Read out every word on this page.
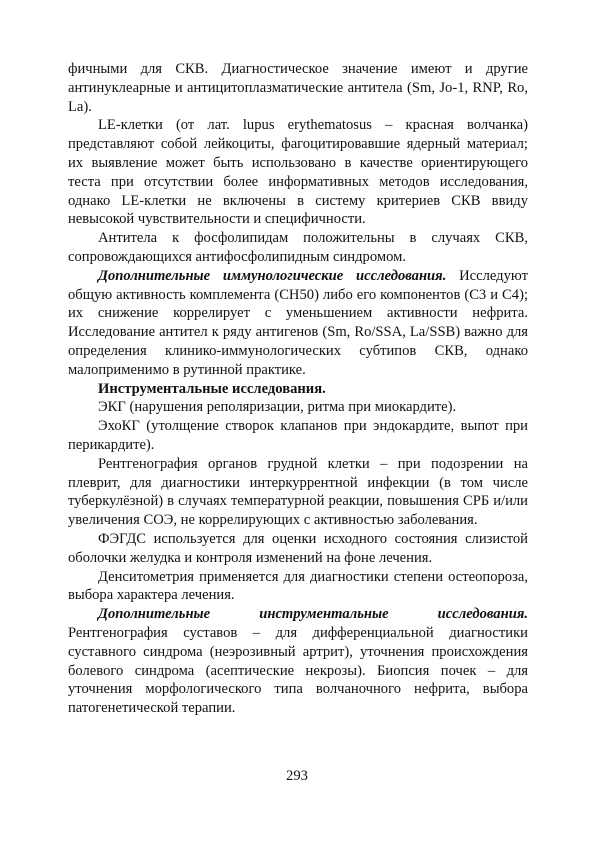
фичными для СКВ. Диагностическое значение имеют и другие антинуклеарные и антицитоплазматические антитела (Sm, Jo-1, RNP, Ro, La).

LE-клетки (от лат. lupus erythematosus – красная волчанка) представляют собой лейкоциты, фагоцитировавшие ядерный материал; их выявление может быть использовано в качестве ориентирующего теста при отсутствии более информативных методов исследования, однако LE-клетки не включены в систему критериев СКВ ввиду невысокой чувствительности и специфичности.

Антитела к фосфолипидам положительны в случаях СКВ, сопровождающихся антифосфолипидным синдромом.

Дополнительные иммунологические исследования. Исследуют общую активность комплемента (CH50) либо его компонентов (C3 и C4); их снижение коррелирует с уменьшением активности нефрита. Исследование антител к ряду антигенов (Sm, Ro/SSA, La/SSB) важно для определения клинико-иммунологических субтипов СКВ, однако малоприменимо в рутинной практике.

Инструментальные исследования.

ЭКГ (нарушения реполяризации, ритма при миокардите).

ЭхоКГ (утолщение створок клапанов при эндокардите, выпот при перикардите).

Рентгенография органов грудной клетки – при подозрении на плеврит, для диагностики интеркуррентной инфекции (в том числе туберкулёзной) в случаях температурной реакции, повышения СРБ и/или увеличения СОЭ, не коррелирующих с активностью заболевания.

ФЭГДС используется для оценки исходного состояния слизистой оболочки желудка и контроля изменений на фоне лечения.

Денситометрия применяется для диагностики степени остеопороза, выбора характера лечения.

Дополнительные инструментальные исследования. Рентгенография суставов – для дифференциальной диагностики суставного синдрома (неэрозивный артрит), уточнения происхождения болевого синдрома (асептические некрозы). Биопсия почек – для уточнения морфологического типа волчаночного нефрита, выбора патогенетической терапии.

293
